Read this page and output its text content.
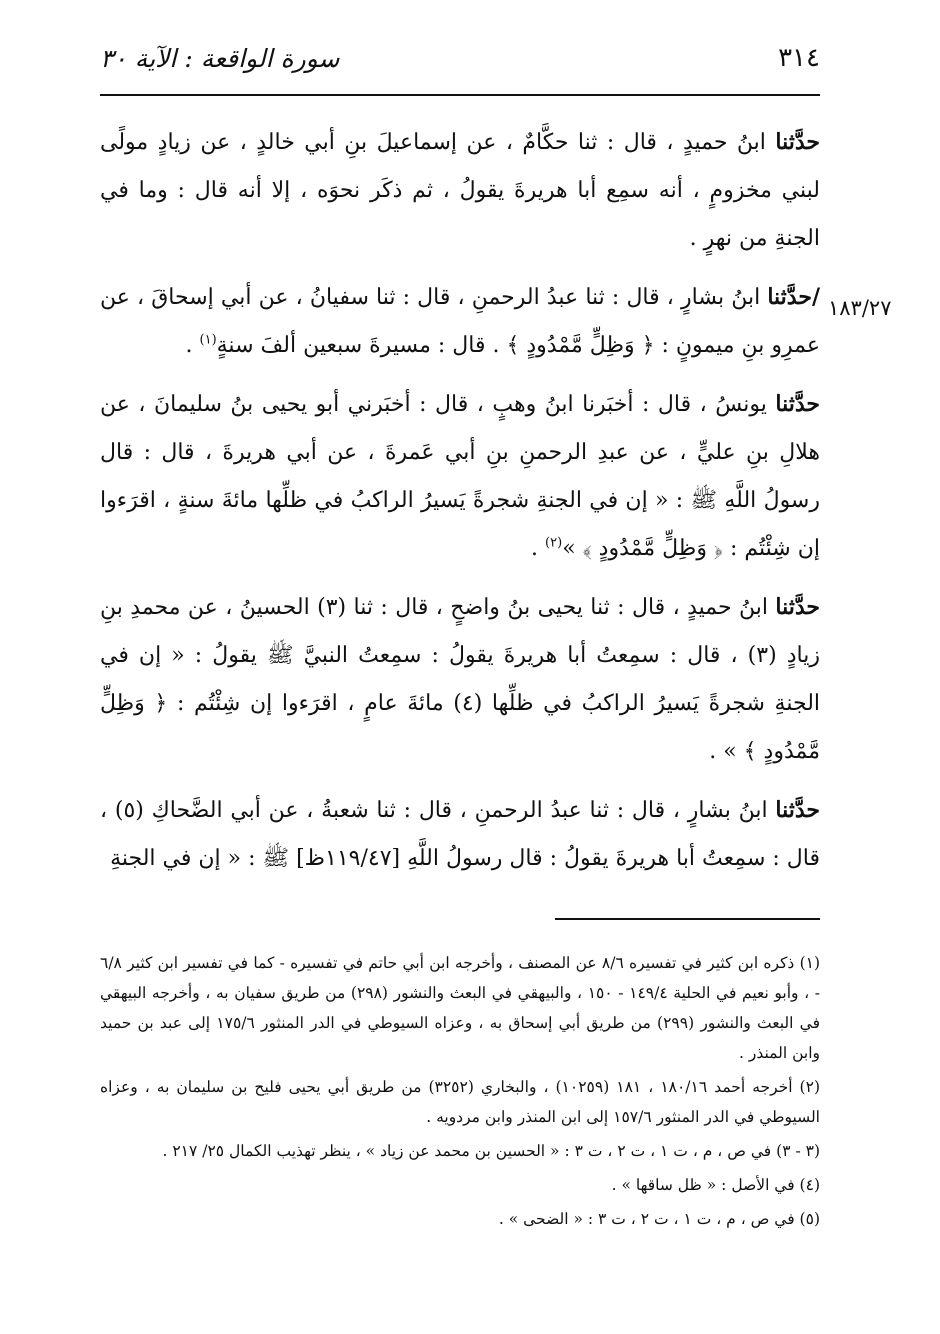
٣١٤
سورة الواقعة : الآية ٣٠
١٨٣/٢٧

حدَّثنا ابنُ حميدٍ ، قال : ثنا حكَّامٌ ، عن إسماعيلَ بنِ أبي خالدٍ ، عن زيادٍ مولًى لبني مخزومٍ ، أنه سمِع أبا هريرةَ يقولُ ، ثم ذكَر نحوَه ، إلا أنه قال : وما في الجنةِ من نهرٍ .

/حدَّثنا ابنُ بشارٍ ، قال : ثنا عبدُ الرحمنِ ، قال : ثنا سفيانُ ، عن أبي إسحاقَ ، عن عمرِو بنِ ميمونٍ : ﴿ وَظِلٍّ مَّمْدُودٍ ﴾ . قال : مسيرةَ سبعين ألفَ سنةٍ$^{(١)}$ .

حدَّثنا يونسُ ، قال : أخبَرنا ابنُ وهبٍ ، قال : أخبَرني أبو يحيى بنُ سليمانَ ، عن هلالِ بنِ عليٍّ ، عن عبدِ الرحمنِ بنِ أبي عَمرةَ ، عن أبي هريرةَ ، قال : قال رسولُ اللَّهِ ﷺ : « إن في الجنةِ شجرةً يَسيرُ الراكبُ في ظلِّها مائةَ سنةٍ ، اقرَءوا إن شِئْتُم : ﴿ وَظِلٍّ مَّمْدُودٍ ﴾ »$^{(٢)}$ .

حدَّثنا ابنُ حميدٍ ، قال : ثنا يحيى بنُ واضحٍ ، قال : ثنا (٣) الحسينُ ، عن محمدِ بنِ زيادٍ (٣) ، قال : سمِعتُ أبا هريرةَ يقولُ : سمِعتُ النبيَّ ﷺ يقولُ : « إن في الجنةِ شجرةً يَسيرُ الراكبُ في ظلِّها (٤) مائةَ عامٍ ، اقرَءوا إن شِئْتُم : ﴿ وَظِلٍّ مَّمْدُودٍ ﴾ » .

حدَّثنا ابنُ بشارٍ ، قال : ثنا عبدُ الرحمنِ ، قال : ثنا شعبةُ ، عن أبي الضَّحاكِ (٥) ، قال : سمِعتُ أبا هريرةَ يقولُ : قال رسولُ اللَّهِ [١١٩/٤٧ظ] ﷺ : « إن في الجنةِ

(١) ذكره ابن كثير في تفسيره ٨/٦ عن المصنف ، وأخرجه ابن أبي حاتم في تفسيره - كما في تفسير ابن كثير ٦/٨ - ، وأبو نعيم في الحلية ١٤٩/٤ - ١٥٠ ، والبيهقي في البعث والنشور (٢٩٨) من طريق سفيان به ، وأخرجه البيهقي في البعث والنشور (٢٩٩) من طريق أبي إسحاق به ، وعزاه السيوطي في الدر المنثور ١٧٥/٦ إلى عبد بن حميد وابن المنذر .

(٢) أخرجه أحمد ١٨٠/١٦ ، ١٨١ (١٠٢٥٩) ، والبخاري (٣٢٥٢) من طريق أبي يحيى فليح بن سليمان به ، وعزاه السيوطي في الدر المنثور ١٥٧/٦ إلى ابن المنذر وابن مردويه .

(٣ - ٣) في ص ، م ، ت ١ ، ت ٢ ، ت ٣ : « الحسين بن محمد عن زياد » ، ينظر تهذيب الكمال ٢٥/ ٢١٧ .

(٤) في الأصل : « ظل ساقها » .

(٥) في ص ، م ، ت ١ ، ت ٢ ، ت ٣ : « الضحى » .
